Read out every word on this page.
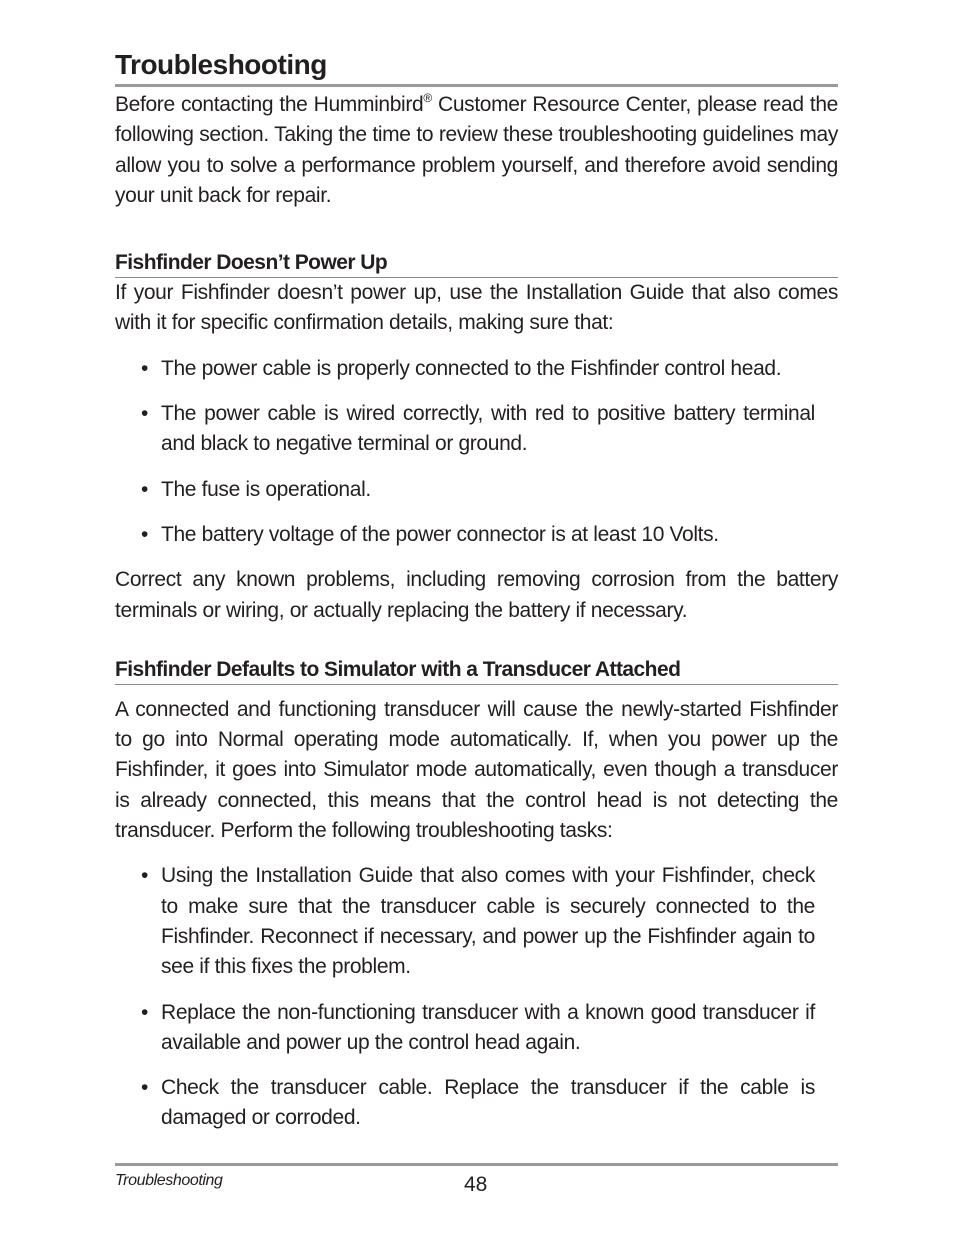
Troubleshooting

Before contacting the Humminbird® Customer Resource Center, please read the following section. Taking the time to review these troubleshooting guidelines may allow you to solve a performance problem yourself, and therefore avoid sending your unit back for repair.

Fishfinder Doesn’t Power Up

If your Fishfinder doesn’t power up, use the Installation Guide that also comes with it for specific confirmation details, making sure that:

• The power cable is properly connected to the Fishfinder control head.
• The power cable is wired correctly, with red to positive battery terminal and black to negative terminal or ground.
• The fuse is operational.
• The battery voltage of the power connector is at least 10 Volts.

Correct any known problems, including removing corrosion from the battery terminals or wiring, or actually replacing the battery if necessary.

Fishfinder Defaults to Simulator with a Transducer Attached

A connected and functioning transducer will cause the newly-started Fishfinder to go into Normal operating mode automatically. If, when you power up the Fishfinder, it goes into Simulator mode automatically, even though a transducer is already connected, this means that the control head is not detecting the transducer. Perform the following troubleshooting tasks:

• Using the Installation Guide that also comes with your Fishfinder, check to make sure that the transducer cable is securely connected to the Fishfinder. Reconnect if necessary, and power up the Fishfinder again to see if this fixes the problem.
• Replace the non-functioning transducer with a known good transducer if available and power up the control head again.
• Check the transducer cable. Replace the transducer if the cable is damaged or corroded.
Troubleshooting	48
